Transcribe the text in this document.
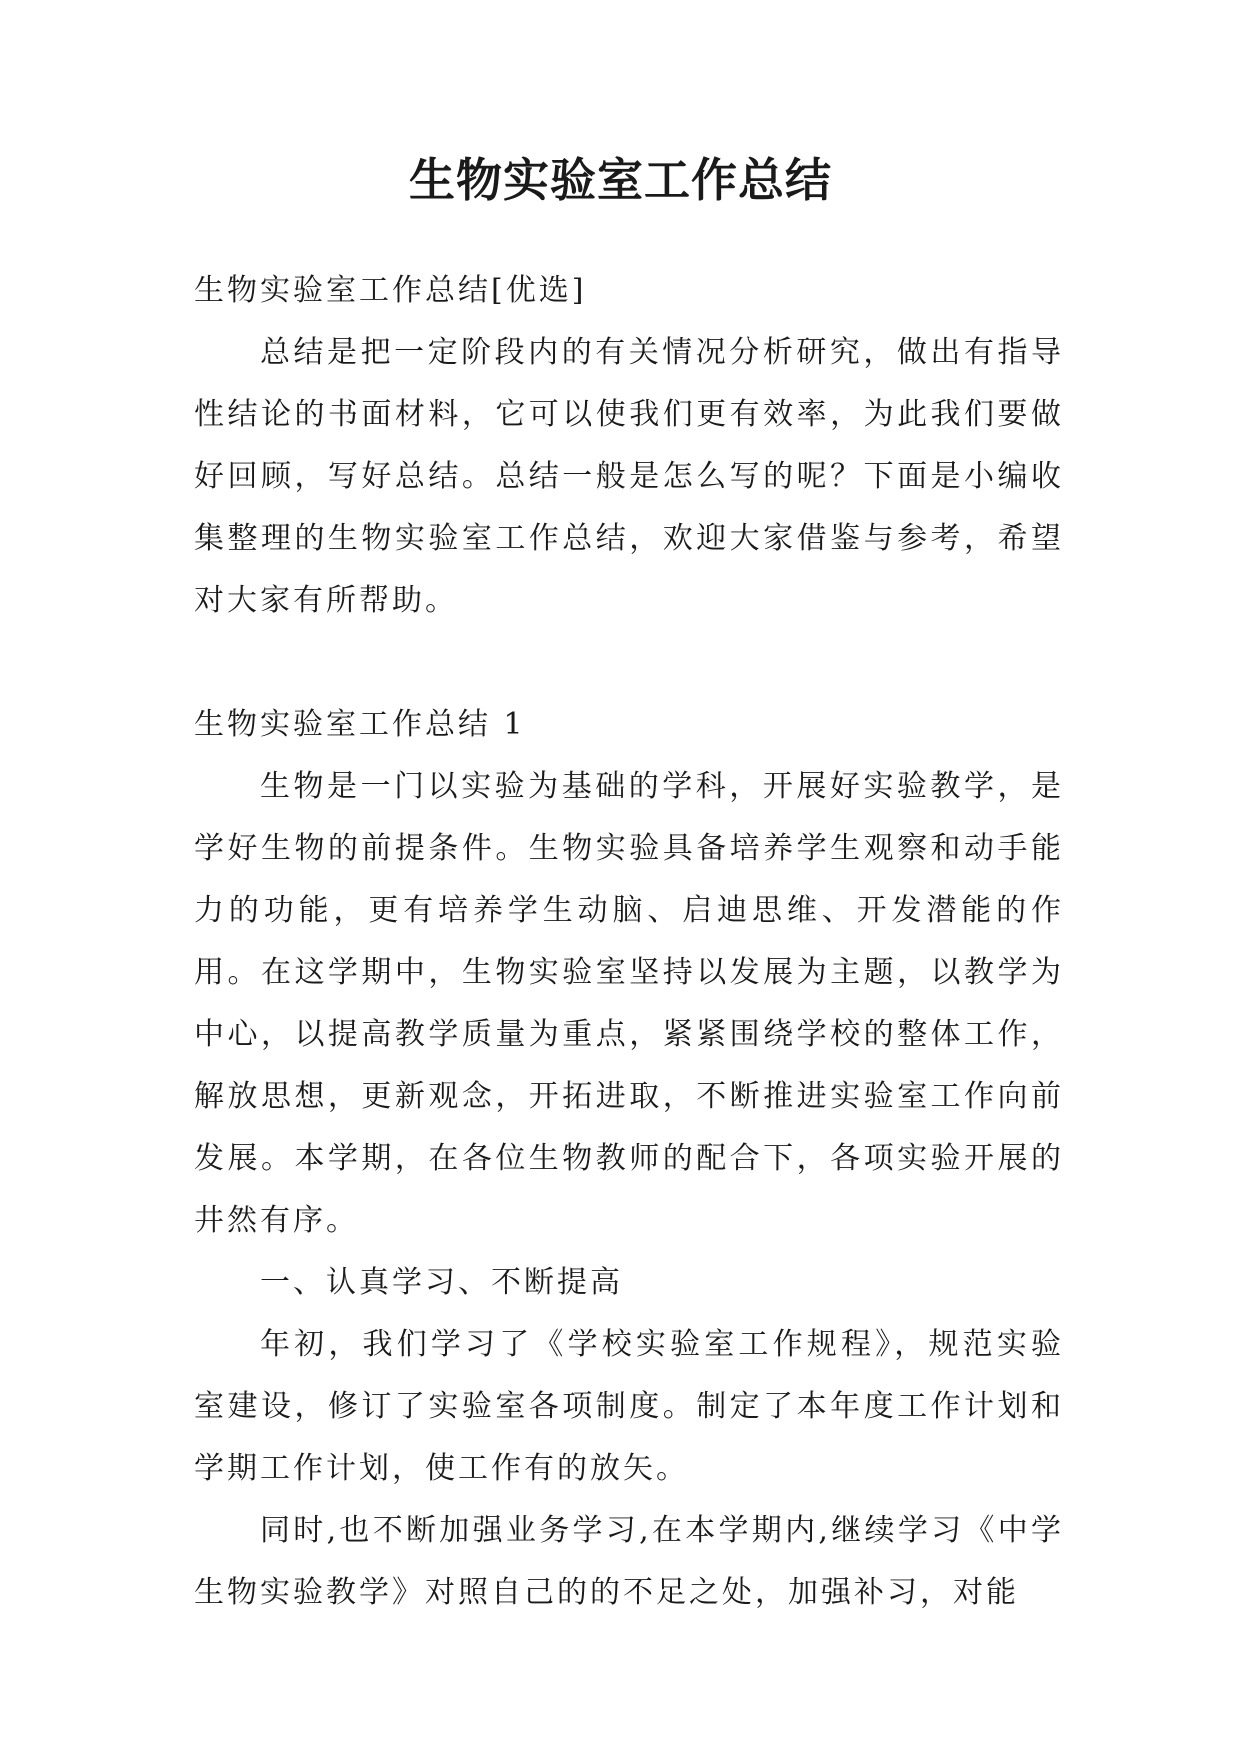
生物实验室工作总结
生物实验室工作总结[优选]

总结是把一定阶段内的有关情况分析研究，做出有指导性结论的书面材料，它可以使我们更有效率，为此我们要做好回顾，写好总结。总结一般是怎么写的呢？下面是小编收集整理的生物实验室工作总结，欢迎大家借鉴与参考，希望对大家有所帮助。

生物实验室工作总结 1

生物是一门以实验为基础的学科，开展好实验教学，是学好生物的前提条件。生物实验具备培养学生观察和动手能力的功能，更有培养学生动脑、启迪思维、开发潜能的作用。在这学期中，生物实验室坚持以发展为主题，以教学为中心，以提高教学质量为重点，紧紧围绕学校的整体工作，解放思想，更新观念，开拓进取，不断推进实验室工作向前发展。本学期，在各位生物教师的配合下，各项实验开展的井然有序。

一、认真学习、不断提高

年初，我们学习了《学校实验室工作规程》，规范实验室建设，修订了实验室各项制度。制定了本年度工作计划和学期工作计划，使工作有的放矢。

同时,也不断加强业务学习,在本学期内,继续学习《中学生物实验教学》对照自己的的不足之处，加强补习，对能
